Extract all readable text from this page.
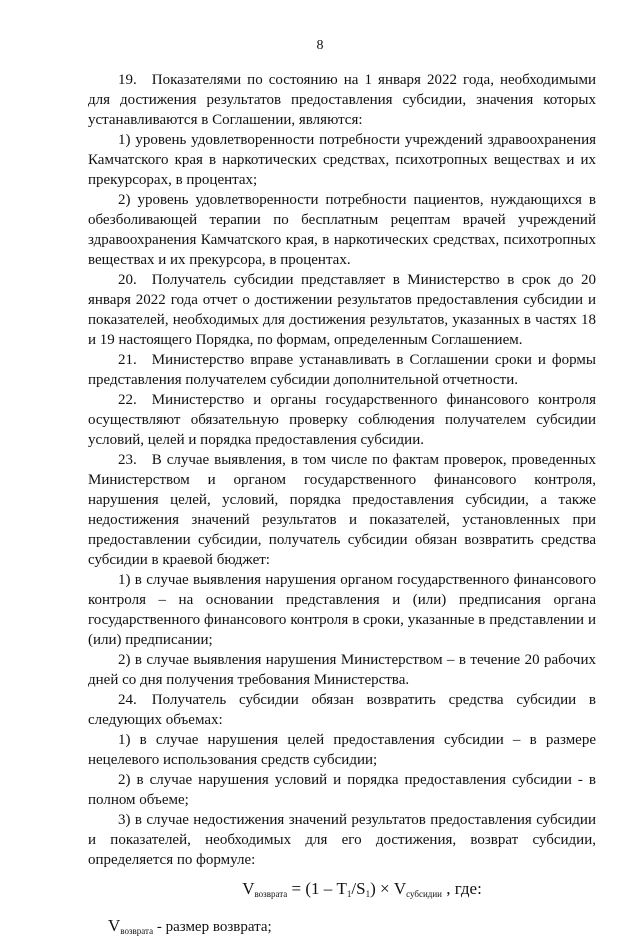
8

19. Показателями по состоянию на 1 января 2022 года, необходимыми для достижения результатов предоставления субсидии, значения которых устанавливаются в Соглашении, являются:

1) уровень удовлетворенности потребности учреждений здравоохранения Камчатского края в наркотических средствах, психотропных веществах и их прекурсорах, в процентах;

2) уровень удовлетворенности потребности пациентов, нуждающихся в обезболивающей терапии по бесплатным рецептам врачей учреждений здравоохранения Камчатского края, в наркотических средствах, психотропных веществах и их прекурсора, в процентах.

20. Получатель субсидии представляет в Министерство в срок до 20 января 2022 года отчет о достижении результатов предоставления субсидии и показателей, необходимых для достижения результатов, указанных в частях 18 и 19 настоящего Порядка, по формам, определенным Соглашением.

21. Министерство вправе устанавливать в Соглашении сроки и формы представления получателем субсидии дополнительной отчетности.

22. Министерство и органы государственного финансового контроля осуществляют обязательную проверку соблюдения получателем субсидии условий, целей и порядка предоставления субсидии.

23. В случае выявления, в том числе по фактам проверок, проведенных Министерством и органом государственного финансового контроля, нарушения целей, условий, порядка предоставления субсидии, а также недостижения значений результатов и показателей, установленных при предоставлении субсидии, получатель субсидии обязан возвратить средства субсидии в краевой бюджет:

1) в случае выявления нарушения органом государственного финансового контроля – на основании представления и (или) предписания органа государственного финансового контроля в сроки, указанные в представлении и (или) предписании;

2) в случае выявления нарушения Министерством – в течение 20 рабочих дней со дня получения требования Министерства.

24. Получатель субсидии обязан возвратить средства субсидии в следующих объемах:

1) в случае нарушения целей предоставления субсидии – в размере нецелевого использования средств субсидии;

2) в случае нарушения условий и порядка предоставления субсидии - в полном объеме;

3) в случае недостижения значений результатов предоставления субсидии и показателей, необходимых для его достижения, возврат субсидии, определяется по формуле:

$V_{возврата} = (1 - T_1/S_1) \times V_{субсидии}$ , где:
$V_{возврата}$ - размер возврата;
